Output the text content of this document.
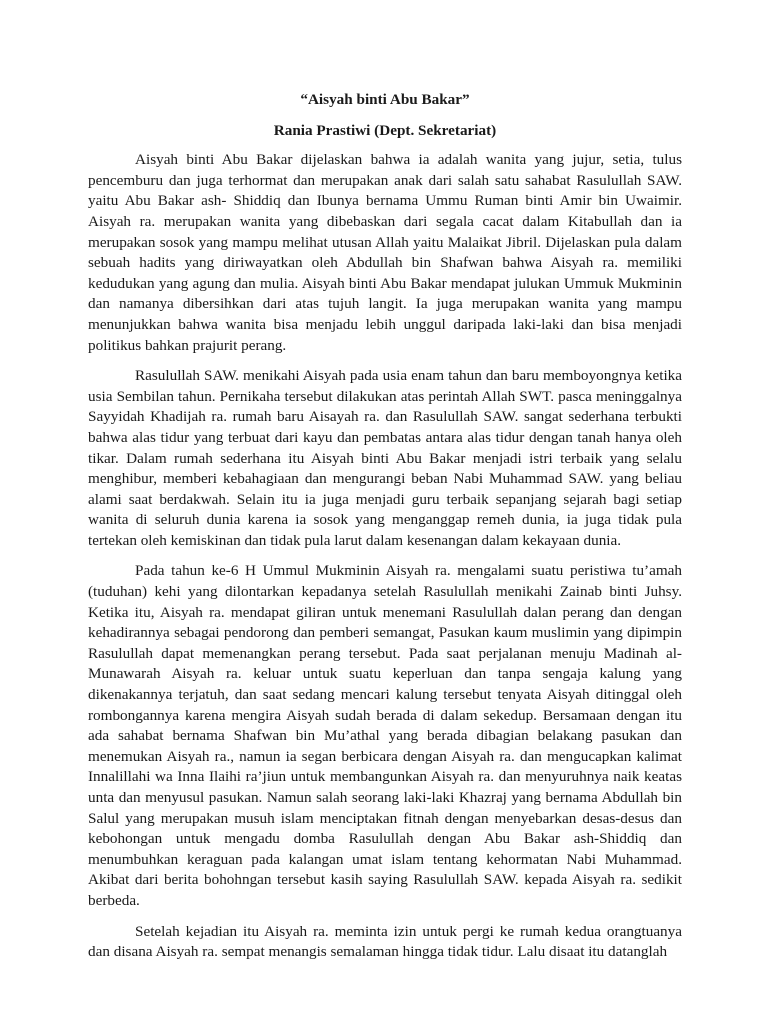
“Aisyah binti Abu Bakar”
Rania Prastiwi (Dept. Sekretariat)

Aisyah binti Abu Bakar dijelaskan bahwa ia adalah wanita yang jujur, setia, tulus pencemburu dan juga terhormat dan merupakan anak dari salah satu sahabat Rasulullah SAW. yaitu Abu Bakar ash- Shiddiq dan Ibunya bernama Ummu Ruman binti Amir bin Uwaimir. Aisyah ra. merupakan wanita yang dibebaskan dari segala cacat dalam Kitabullah dan ia merupakan sosok yang mampu melihat utusan Allah yaitu Malaikat Jibril. Dijelaskan pula dalam sebuah hadits yang diriwayatkan oleh Abdullah bin Shafwan bahwa Aisyah ra. memiliki kedudukan yang agung dan mulia. Aisyah binti Abu Bakar mendapat julukan Ummuk Mukminin dan namanya dibersihkan dari atas tujuh langit. Ia juga merupakan wanita yang mampu menunjukkan bahwa wanita bisa menjadu lebih unggul daripada laki-laki dan bisa menjadi politikus bahkan prajurit perang.

Rasulullah SAW. menikahi Aisyah pada usia enam tahun dan baru memboyongnya ketika usia Sembilan tahun. Pernikaha tersebut dilakukan atas perintah Allah SWT. pasca meninggalnya Sayyidah Khadijah ra. rumah baru Aisayah ra. dan Rasulullah SAW. sangat sederhana terbukti bahwa alas tidur yang terbuat dari kayu dan pembatas antara alas tidur dengan tanah hanya oleh tikar. Dalam rumah sederhana itu Aisyah binti Abu Bakar menjadi istri terbaik yang selalu menghibur, memberi kebahagiaan dan mengurangi beban Nabi Muhammad SAW. yang beliau alami saat berdakwah. Selain itu ia juga menjadi guru terbaik sepanjang sejarah bagi setiap wanita di seluruh dunia karena ia sosok yang menganggap remeh dunia, ia juga tidak pula tertekan oleh kemiskinan dan tidak pula larut dalam kesenangan dalam kekayaan dunia.

Pada tahun ke-6 H Ummul Mukminin Aisyah ra. mengalami suatu peristiwa tu’amah (tuduhan) kehi yang dilontarkan kepadanya setelah Rasulullah menikahi Zainab binti Juhsy. Ketika itu, Aisyah ra. mendapat giliran untuk menemani Rasulullah dalan perang dan dengan kehadirannya sebagai pendorong dan pemberi semangat, Pasukan kaum muslimin yang dipimpin Rasulullah dapat memenangkan perang tersebut. Pada saat perjalanan menuju Madinah al-Munawarah Aisyah ra. keluar untuk suatu keperluan dan tanpa sengaja kalung yang dikenakannya terjatuh, dan saat sedang mencari kalung tersebut tenyata Aisyah ditinggal oleh rombongannya karena mengira Aisyah sudah berada di dalam sekedup. Bersamaan dengan itu ada sahabat bernama Shafwan bin Mu’athal yang berada dibagian belakang pasukan dan menemukan Aisyah ra., namun ia segan berbicara dengan Aisyah ra. dan mengucapkan kalimat Innalillahi wa Inna Ilaihi ra’jiun untuk membangunkan Aisyah ra. dan menyuruhnya naik keatas unta dan menyusul pasukan. Namun salah seorang laki-laki Khazraj yang bernama Abdullah bin Salul yang merupakan musuh islam menciptakan fitnah dengan menyebarkan desas-desus dan kebohongan untuk mengadu domba Rasulullah dengan Abu Bakar ash-Shiddiq dan menumbuhkan keraguan pada kalangan umat islam tentang kehormatan Nabi Muhammad. Akibat dari berita bohohngan tersebut kasih saying Rasulullah SAW. kepada Aisyah ra. sedikit berbeda.

Setelah kejadian itu Aisyah ra. meminta izin untuk pergi ke rumah kedua orangtuanya dan disana Aisyah ra. sempat menangis semalaman hingga tidak tidur. Lalu disaat itu datanglah
